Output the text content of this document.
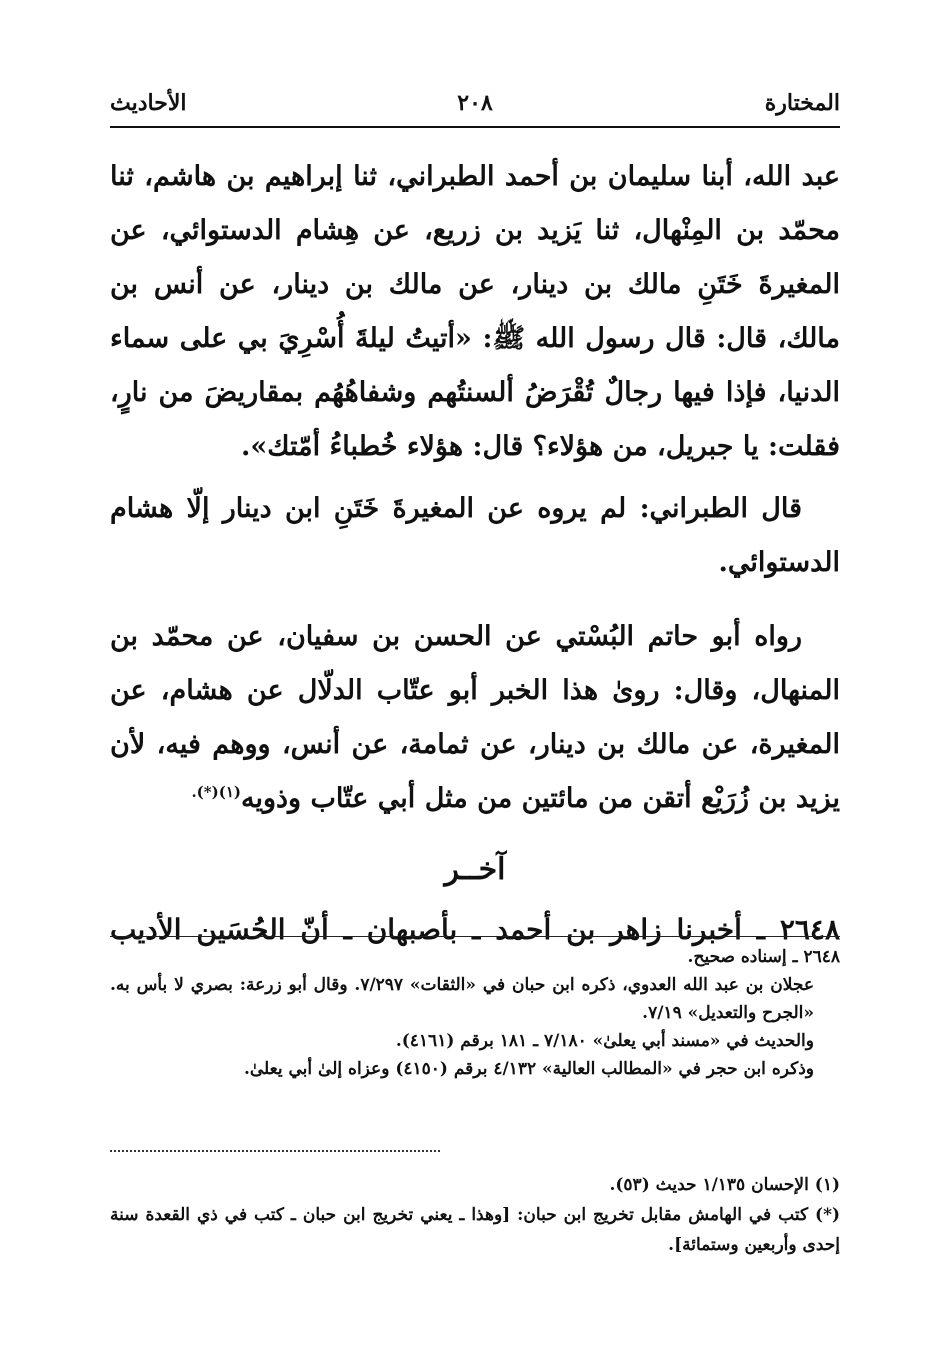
المختارة
٢٠٨
الأحاديث

عبد الله، أبنا سليمان بن أحمد الطبراني، ثنا إبراهيم بن هاشم، ثنا محمّد بن المِنْهال، ثنا يَزيد بن زريع، عن هِشام الدستوائي، عن المغيرةَ خَتَنِ مالك بن دينار، عن مالك بن دينار، عن أنس بن مالك، قال: قال رسول الله ﷺ: «أتيتُ ليلةَ أُسْرِيَ بي على سماء الدنيا، فإذا فيها رجالٌ تُقْرَضُ ألسنتُهم وشفاهُهُم بمقاريضَ من نارٍ، فقلت: يا جبريل، من هؤلاء؟ قال: هؤلاء خُطباءُ أمّتك».

قال الطبراني: لم يروه عن المغيرةَ خَتَنِ ابن دينار إلّا هشام الدستوائي.

رواه أبو حاتم البُسْتي عن الحسن بن سفيان، عن محمّد بن المنهال، وقال: روىٰ هذا الخبر أبو عتّاب الدلّال عن هشام، عن المغيرة، عن مالك بن دينار، عن ثمامة، عن أنس، ووهم فيه، لأن يزيد بن زُرَيْع أتقن من مائتين من مثل أبي عتّاب وذويه$^{(١)(*).}$

آخــر

٢٦٤٨ ـ أخبرنا زاهر بن أحمد ـ بأصبهان ـ أنّ الحُسَين الأديب

٢٦٤٨ ـ إسناده صحيح.

عجلان بن عبد الله العدوي، ذكره ابن حبان في «الثقات» ٧/٢٩٧. وقال أبو زرعة: بصري لا بأس به. «الجرح والتعديل» ٧/١٩.

والحديث في «مسند أبي يعلىٰ» ٧/١٨٠ ـ ١٨١ برقم (٤١٦١).

وذكره ابن حجر في «المطالب العالية» ٤/١٣٢ برقم (٤١٥٠) وعزاه إلىٰ أبي يعلىٰ.

(١) الإحسان ١/١٣٥ حديث (٥٣).

(*) كتب في الهامش مقابل تخريج ابن حبان: [وهذا ـ يعني تخريج ابن حبان ـ كتب في ذي القعدة سنة إحدى وأربعين وستمائة].
